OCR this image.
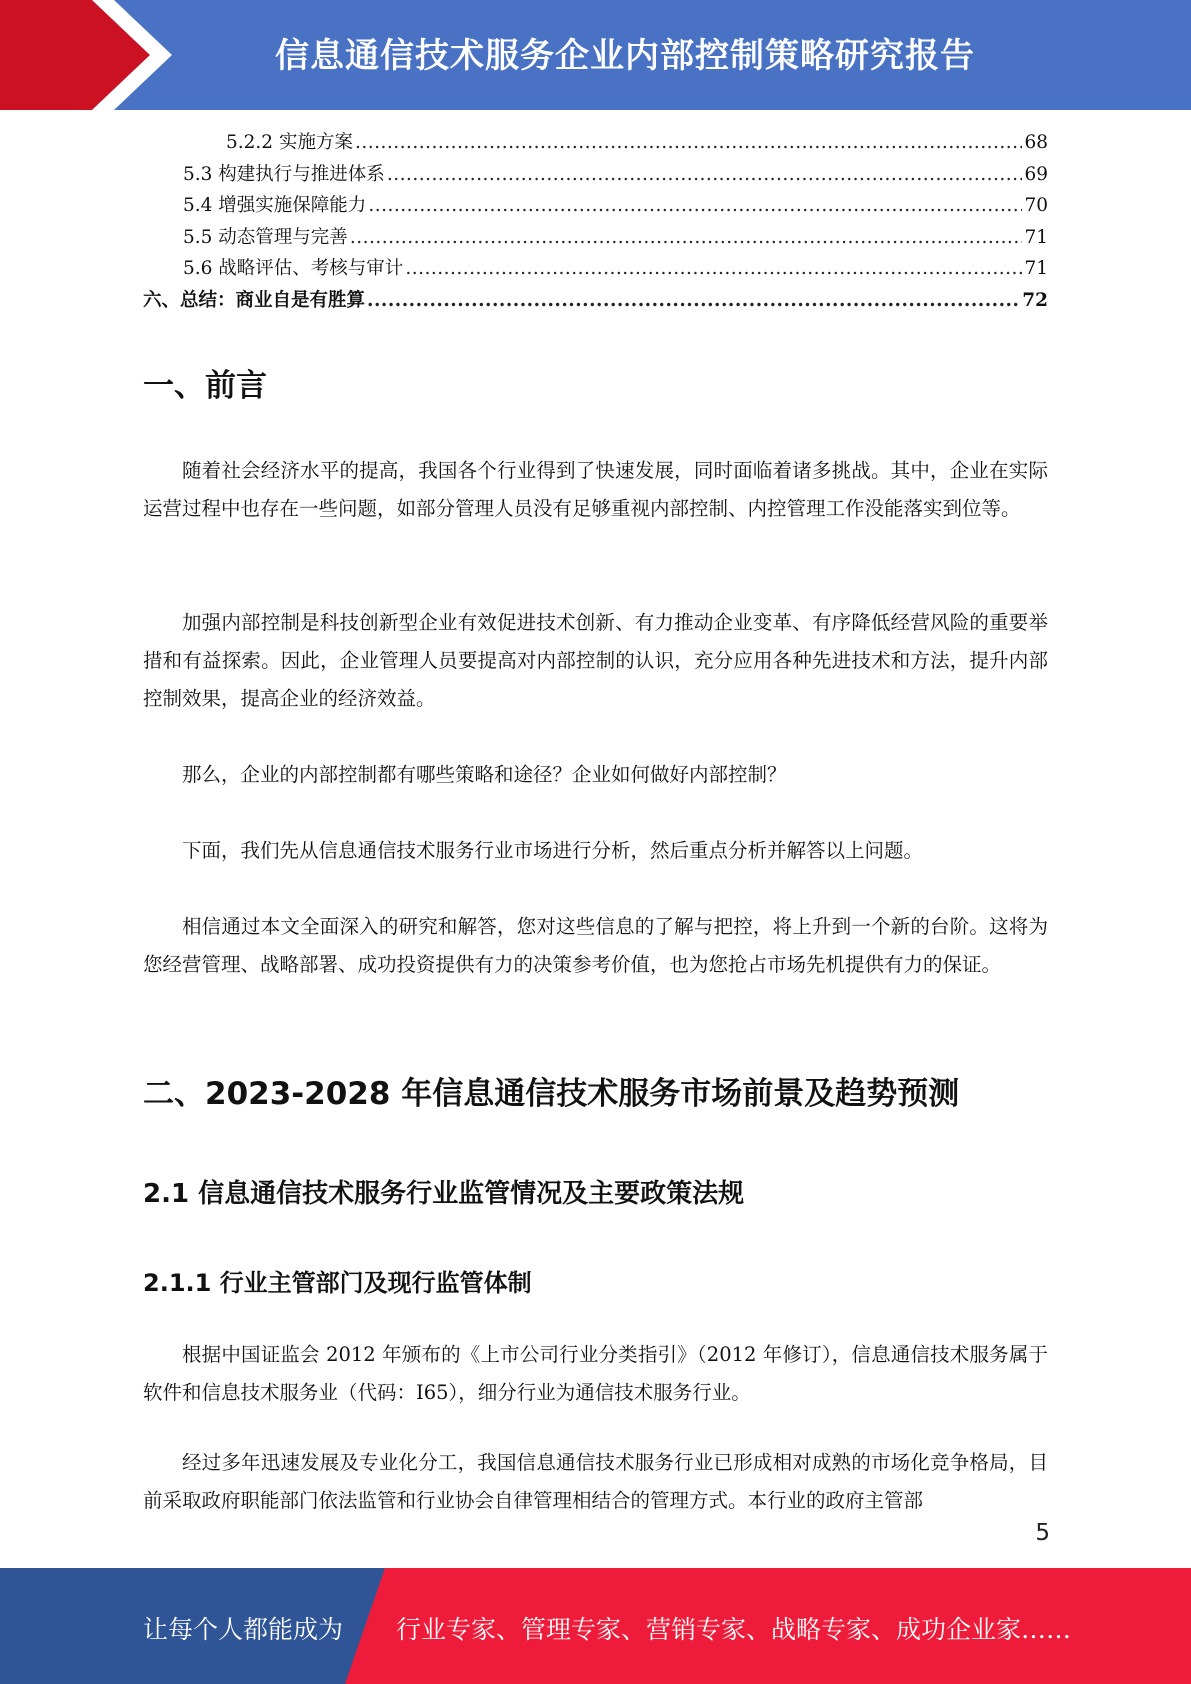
信息通信技术服务企业内部控制策略研究报告
5.2.2 实施方案 .....	68
5.3 构建执行与推进体系 .....	69
5.4 增强实施保障能力 .....	70
5.5 动态管理与完善 .....	71
5.6 战略评估、考核与审计 .....	71
六、总结：商业自是有胜算 .....	72
一、前言

随着社会经济水平的提高，我国各个行业得到了快速发展，同时面临着诸多挑战。其中，企业在实际运营过程中也存在一些问题，如部分管理人员没有足够重视内部控制、内控管理工作没能落实到位等。

加强内部控制是科技创新型企业有效促进技术创新、有力推动企业变革、有序降低经营风险的重要举措和有益探索。因此，企业管理人员要提高对内部控制的认识，充分应用各种先进技术和方法，提升内部控制效果，提高企业的经济效益。

那么，企业的内部控制都有哪些策略和途径？企业如何做好内部控制？

下面，我们先从信息通信技术服务行业市场进行分析，然后重点分析并解答以上问题。

相信通过本文全面深入的研究和解答，您对这些信息的了解与把控，将上升到一个新的台阶。这将为您经营管理、战略部署、成功投资提供有力的决策参考价值，也为您抢占市场先机提供有力的保证。

二、2023-2028 年信息通信技术服务市场前景及趋势预测
2.1 信息通信技术服务行业监管情况及主要政策法规
2.1.1 行业主管部门及现行监管体制

根据中国证监会 2012 年颁布的《上市公司行业分类指引》（2012 年修订），信息通信技术服务属于软件和信息技术服务业（代码：I65），细分行业为通信技术服务行业。

经过多年迅速发展及专业化分工，我国信息通信技术服务行业已形成相对成熟的市场化竞争格局，目前采取政府职能部门依法监管和行业协会自律管理相结合的管理方式。本行业的政府主管部

5
让每个人都能成为 行业专家、管理专家、营销专家、战略专家、成功企业家……
